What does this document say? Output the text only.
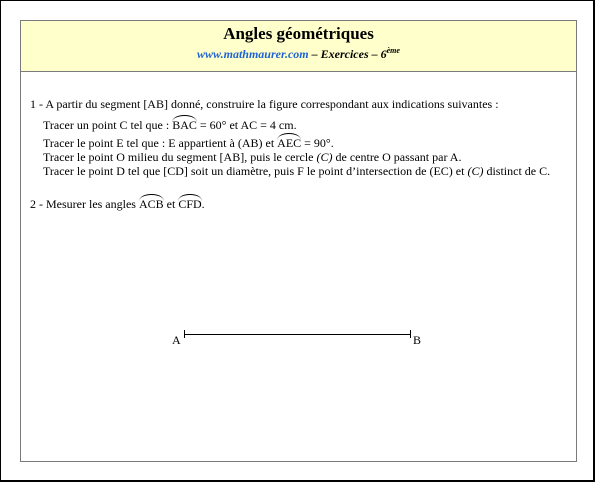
Angles géométriques
www.mathmaurer.com – Exercices – 6ème
1 - A partir du segment [AB] donné, construire la figure correspondant aux indications suivantes :
Tracer un point C tel que : BAC = 60° et AC = 4 cm.
Tracer le point E tel que : E appartient à (AB) et AEC = 90°.
Tracer le point O milieu du segment [AB], puis le cercle (C) de centre O passant par A.
Tracer le point D tel que [CD] soit un diamètre, puis F le point d’intersection de (EC) et (C) distinct de C.
2 - Mesurer les angles ACB et CFD.
A	B
